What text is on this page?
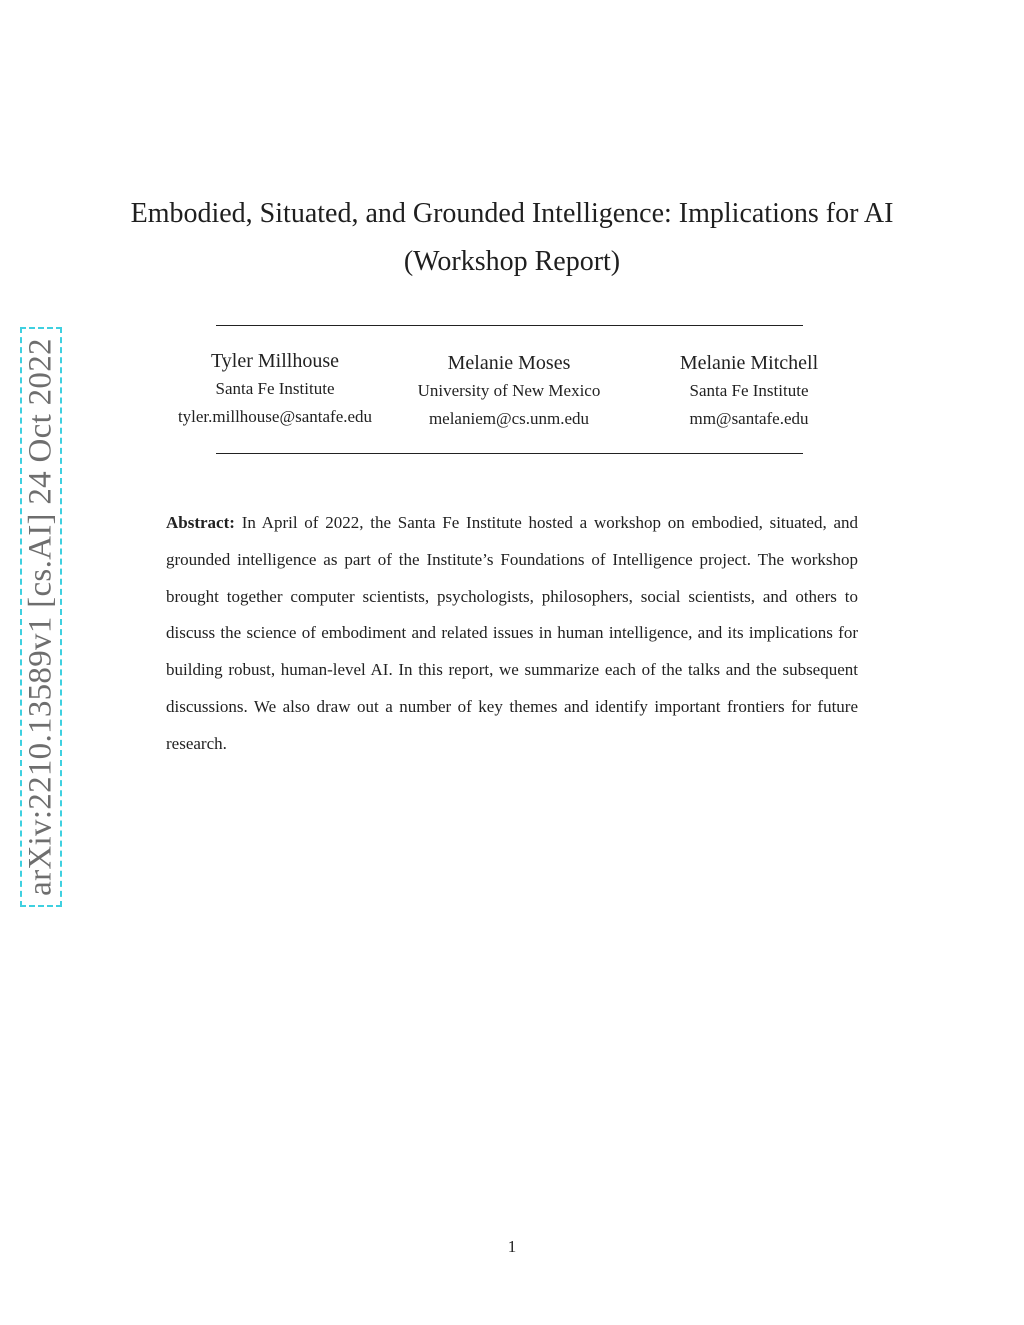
arXiv:2210.13589v1 [cs.AI] 24 Oct 2022
Embodied, Situated, and Grounded Intelligence: Implications for AI
(Workshop Report)
Tyler Millhouse
Santa Fe Institute
tyler.millhouse@santafe.edu
Melanie Moses
University of New Mexico
melaniem@cs.unm.edu
Melanie Mitchell
Santa Fe Institute
mm@santafe.edu
Abstract: In April of 2022, the Santa Fe Institute hosted a workshop on embodied, situated, and grounded intelligence as part of the Institute’s Foundations of Intelligence project. The workshop brought together computer scientists, psychologists, philosophers, social scientists, and others to discuss the science of embodiment and related issues in human intelligence, and its implications for building robust, human-level AI. In this report, we summarize each of the talks and the subsequent discussions. We also draw out a number of key themes and identify important frontiers for future research.
1
